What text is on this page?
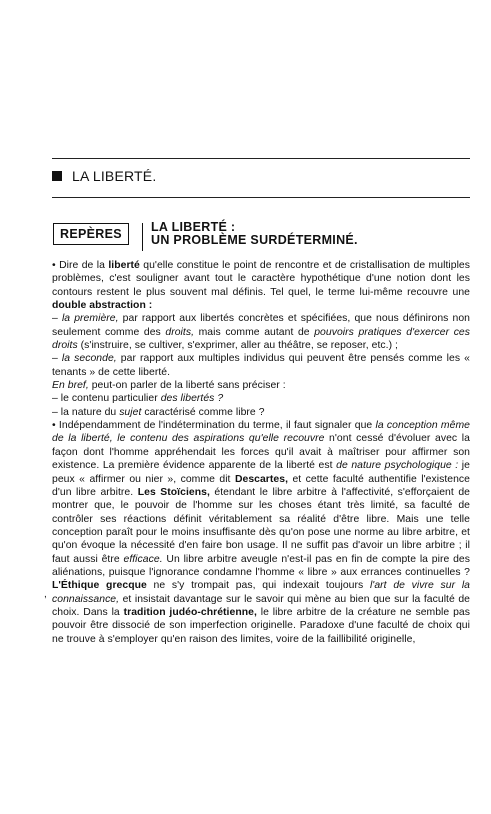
LA LIBERTÉ.
REPÈRES	LA LIBERTÉ :
UN PROBLÈME SURDÉTERMINÉ.

• Dire de la liberté qu'elle constitue le point de rencontre et de cristallisation de multiples problèmes, c'est souligner avant tout le caractère hypothétique d'une notion dont les contours restent le plus souvent mal définis. Tel quel, le terme lui-même recouvre une double abstraction :

– la première, par rapport aux libertés concrètes et spécifiées, que nous définirons non seulement comme des droits, mais comme autant de pouvoirs pratiques d'exercer ces droits (s'instruire, se cultiver, s'exprimer, aller au théâtre, se reposer, etc.) ;

– la seconde, par rapport aux multiples individus qui peuvent être pensés comme les « tenants » de cette liberté.

En bref, peut-on parler de la liberté sans préciser :

– le contenu particulier des libertés ?

– la nature du sujet caractérisé comme libre ?

• Indépendamment de l'indétermination du terme, il faut signaler que la conception même de la liberté, le contenu des aspirations qu'elle recouvre n'ont cessé d'évoluer avec la façon dont l'homme appréhendait les forces qu'il avait à maîtriser pour affirmer son existence. La première évidence apparente de la liberté est de nature psychologique : je peux « affirmer ou nier », comme dit Descartes, et cette faculté authentifie l'existence d'un libre arbitre. Les Stoïciens, étendant le libre arbitre à l'affectivité, s'efforçaient de montrer que, le pouvoir de l'homme sur les choses étant très limité, sa faculté de contrôler ses réactions définit véritablement sa réalité d'être libre. Mais une telle conception paraît pour le moins insuffisante dès qu'on pose une norme au libre arbitre, et qu'on évoque la nécessité d'en faire bon usage. Il ne suffit pas d'avoir un libre arbitre ; il faut aussi être efficace. Un libre arbitre aveugle n'est-il pas en fin de compte la pire des aliénations, puisque l'ignorance condamne l'homme « libre » aux errances continuelles ? L'Éthique grecque ne s'y trompait pas, qui indexait toujours l'art de vivre sur la connaissance, et insistait davantage sur le savoir qui mène au bien que sur la faculté de choix. Dans la tradition judéo-chrétienne, le libre arbitre de la créature ne semble pas pouvoir être dissocié de son imperfection originelle. Paradoxe d'une faculté de choix qui ne trouve à s'employer qu'en raison des limites, voire de la faillibilité originelle,

,
